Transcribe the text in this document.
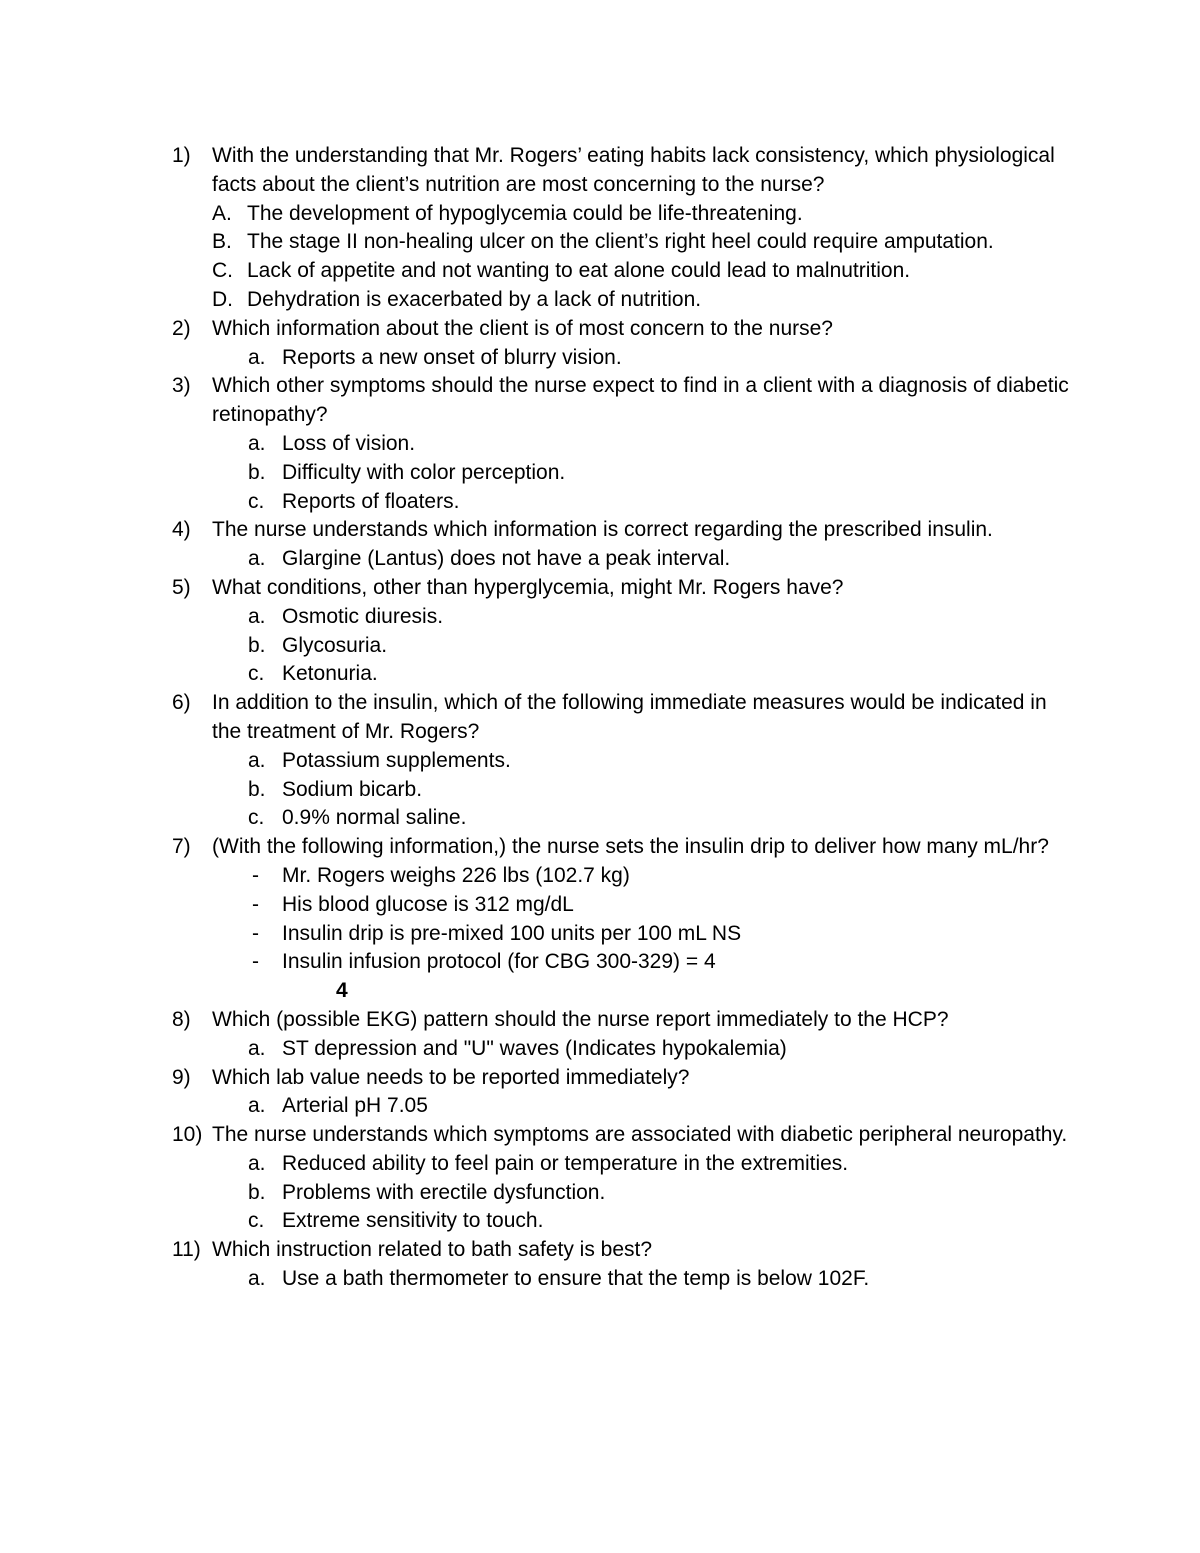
1)	With the understanding that Mr. Rogers’ eating habits lack consistency, which physiological facts about the client’s nutrition are most concerning to the nurse?
A. The development of hypoglycemia could be life-threatening.
B. The stage II non-healing ulcer on the client’s right heel could require amputation.
C. Lack of appetite and not wanting to eat alone could lead to malnutrition.
D. Dehydration is exacerbated by a lack of nutrition.
2)	Which information about the client is of most concern to the nurse?
a. Reports a new onset of blurry vision.
3)	Which other symptoms should the nurse expect to find in a client with a diagnosis of diabetic retinopathy?
a. Loss of vision.
b. Difficulty with color perception.
c. Reports of floaters.
4)	The nurse understands which information is correct regarding the prescribed insulin.
a. Glargine (Lantus) does not have a peak interval.
5)	What conditions, other than hyperglycemia, might Mr. Rogers have?
a. Osmotic diuresis.
b. Glycosuria.
c. Ketonuria.
6)	In addition to the insulin, which of the following immediate measures would be indicated in the treatment of Mr. Rogers?
a. Potassium supplements.
b. Sodium bicarb.
c. 0.9% normal saline.
7)	(With the following information,) the nurse sets the insulin drip to deliver how many mL/hr?
- Mr. Rogers weighs 226 lbs (102.7 kg)
- His blood glucose is 312 mg/dL
- Insulin drip is pre-mixed 100 units per 100 mL NS
- Insulin infusion protocol (for CBG 300-329) = 4
4
8)	Which (possible EKG) pattern should the nurse report immediately to the HCP?
a. ST depression and "U" waves (Indicates hypokalemia)
9)	Which lab value needs to be reported immediately?
a. Arterial pH 7.05
10) The nurse understands which symptoms are associated with diabetic peripheral neuropathy.
a. Reduced ability to feel pain or temperature in the extremities.
b. Problems with erectile dysfunction.
c. Extreme sensitivity to touch.
11) Which instruction related to bath safety is best?
a. Use a bath thermometer to ensure that the temp is below 102F.
